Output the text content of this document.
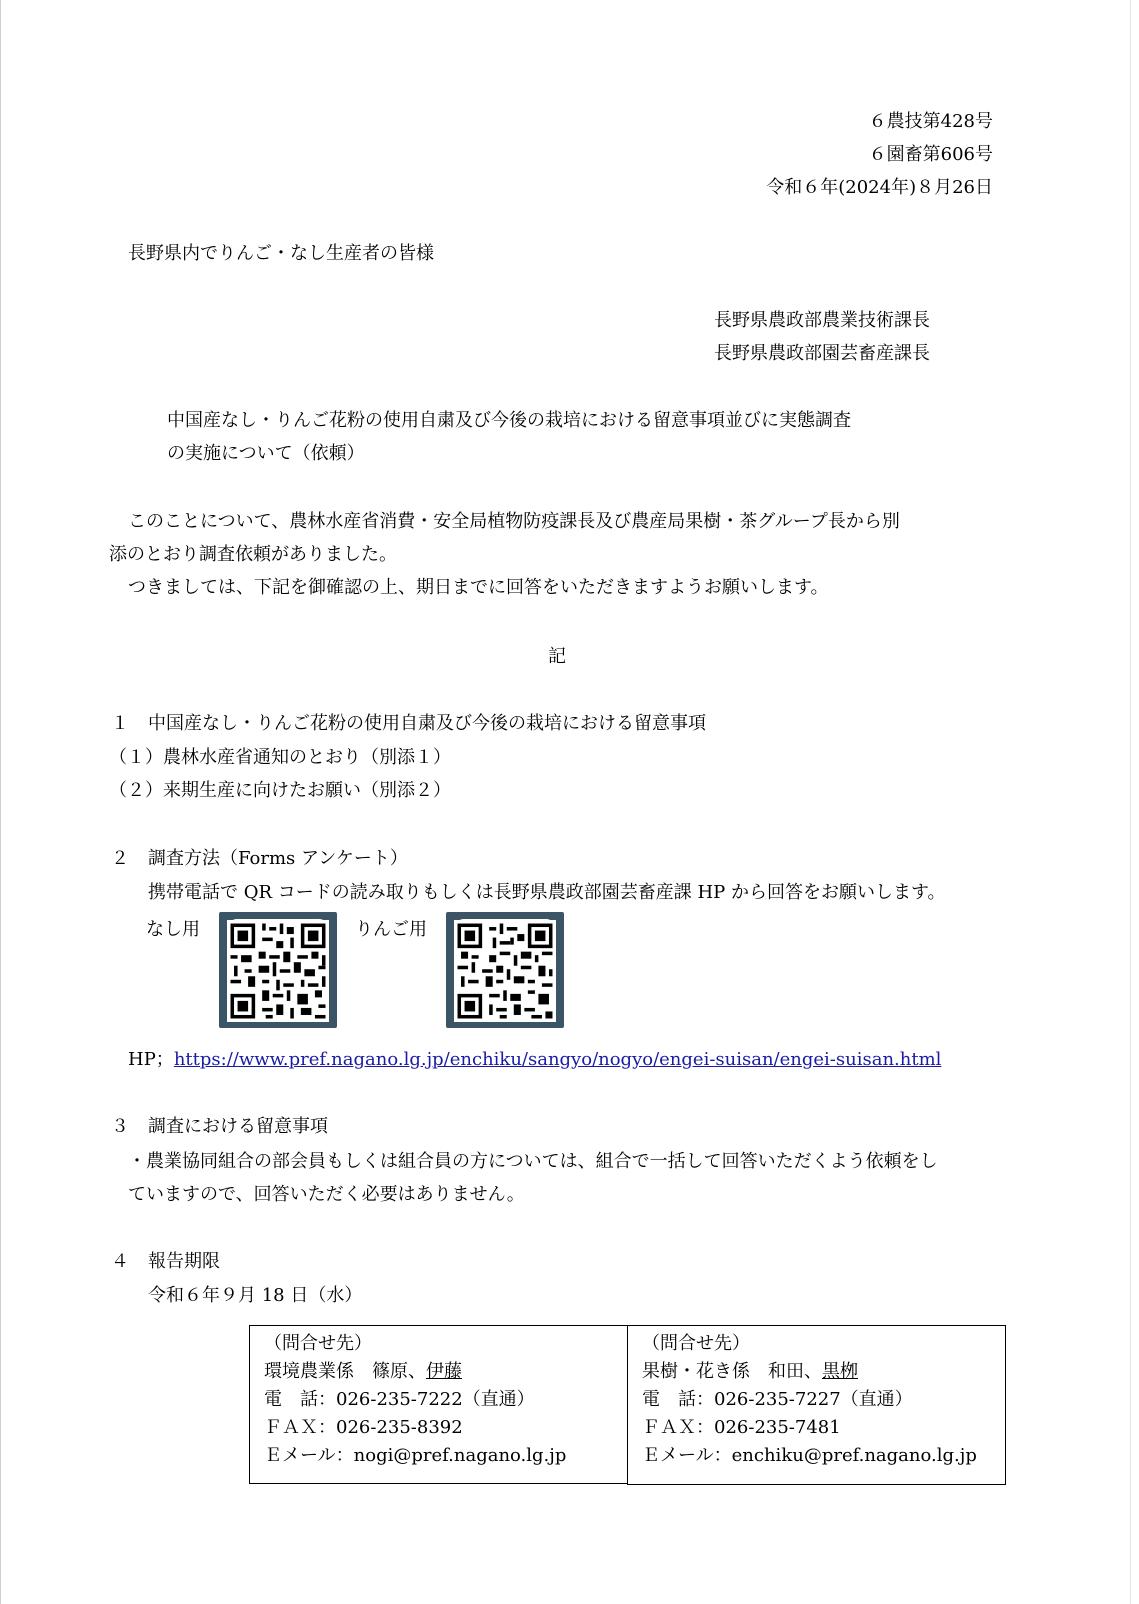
６農技第428号
６園畜第606号
令和６年(2024年)８月26日
長野県内でりんご・なし生産者の皆様
長野県農政部農業技術課長
長野県農政部園芸畜産課長
中国産なし・りんご花粉の使用自粛及び今後の栽培における留意事項並びに実態調査
の実施について（依頼）
このことについて、農林水産省消費・安全局植物防疫課長及び農産局果樹・茶グループ長から別
添のとおり調査依頼がありました。
つきましては、下記を御確認の上、期日までに回答をいただきますようお願いします。
記
１ 中国産なし・りんご花粉の使用自粛及び今後の栽培における留意事項
（１）農林水産省通知のとおり（別添１）
（２）来期生産に向けたお願い（別添２）
２ 調査方法（Forms アンケート）
携帯電話で QR コードの読み取りもしくは長野県農政部園芸畜産課 HP から回答をお願いします。
なし用	りんご用
HP；https://www.pref.nagano.lg.jp/enchiku/sangyo/nogyo/engei-suisan/engei-suisan.html
３ 調査における留意事項
・農業協同組合の部会員もしくは組合員の方については、組合で一括して回答いただくよう依頼をし
ていますので、回答いただく必要はありません。
４ 報告期限
令和６年９月 18 日（水）
（問合せ先）
環境農業係　篠原、伊藤
電　話：026-235-7222（直通）
ＦＡＸ：026-235-8392
Ｅメール：nogi@pref.nagano.lg.jp
（問合せ先）
果樹・花き係　和田、黒栁
電　話：026-235-7227（直通）
ＦＡＸ：026-235-7481
Ｅメール：enchiku@pref.nagano.lg.jp
